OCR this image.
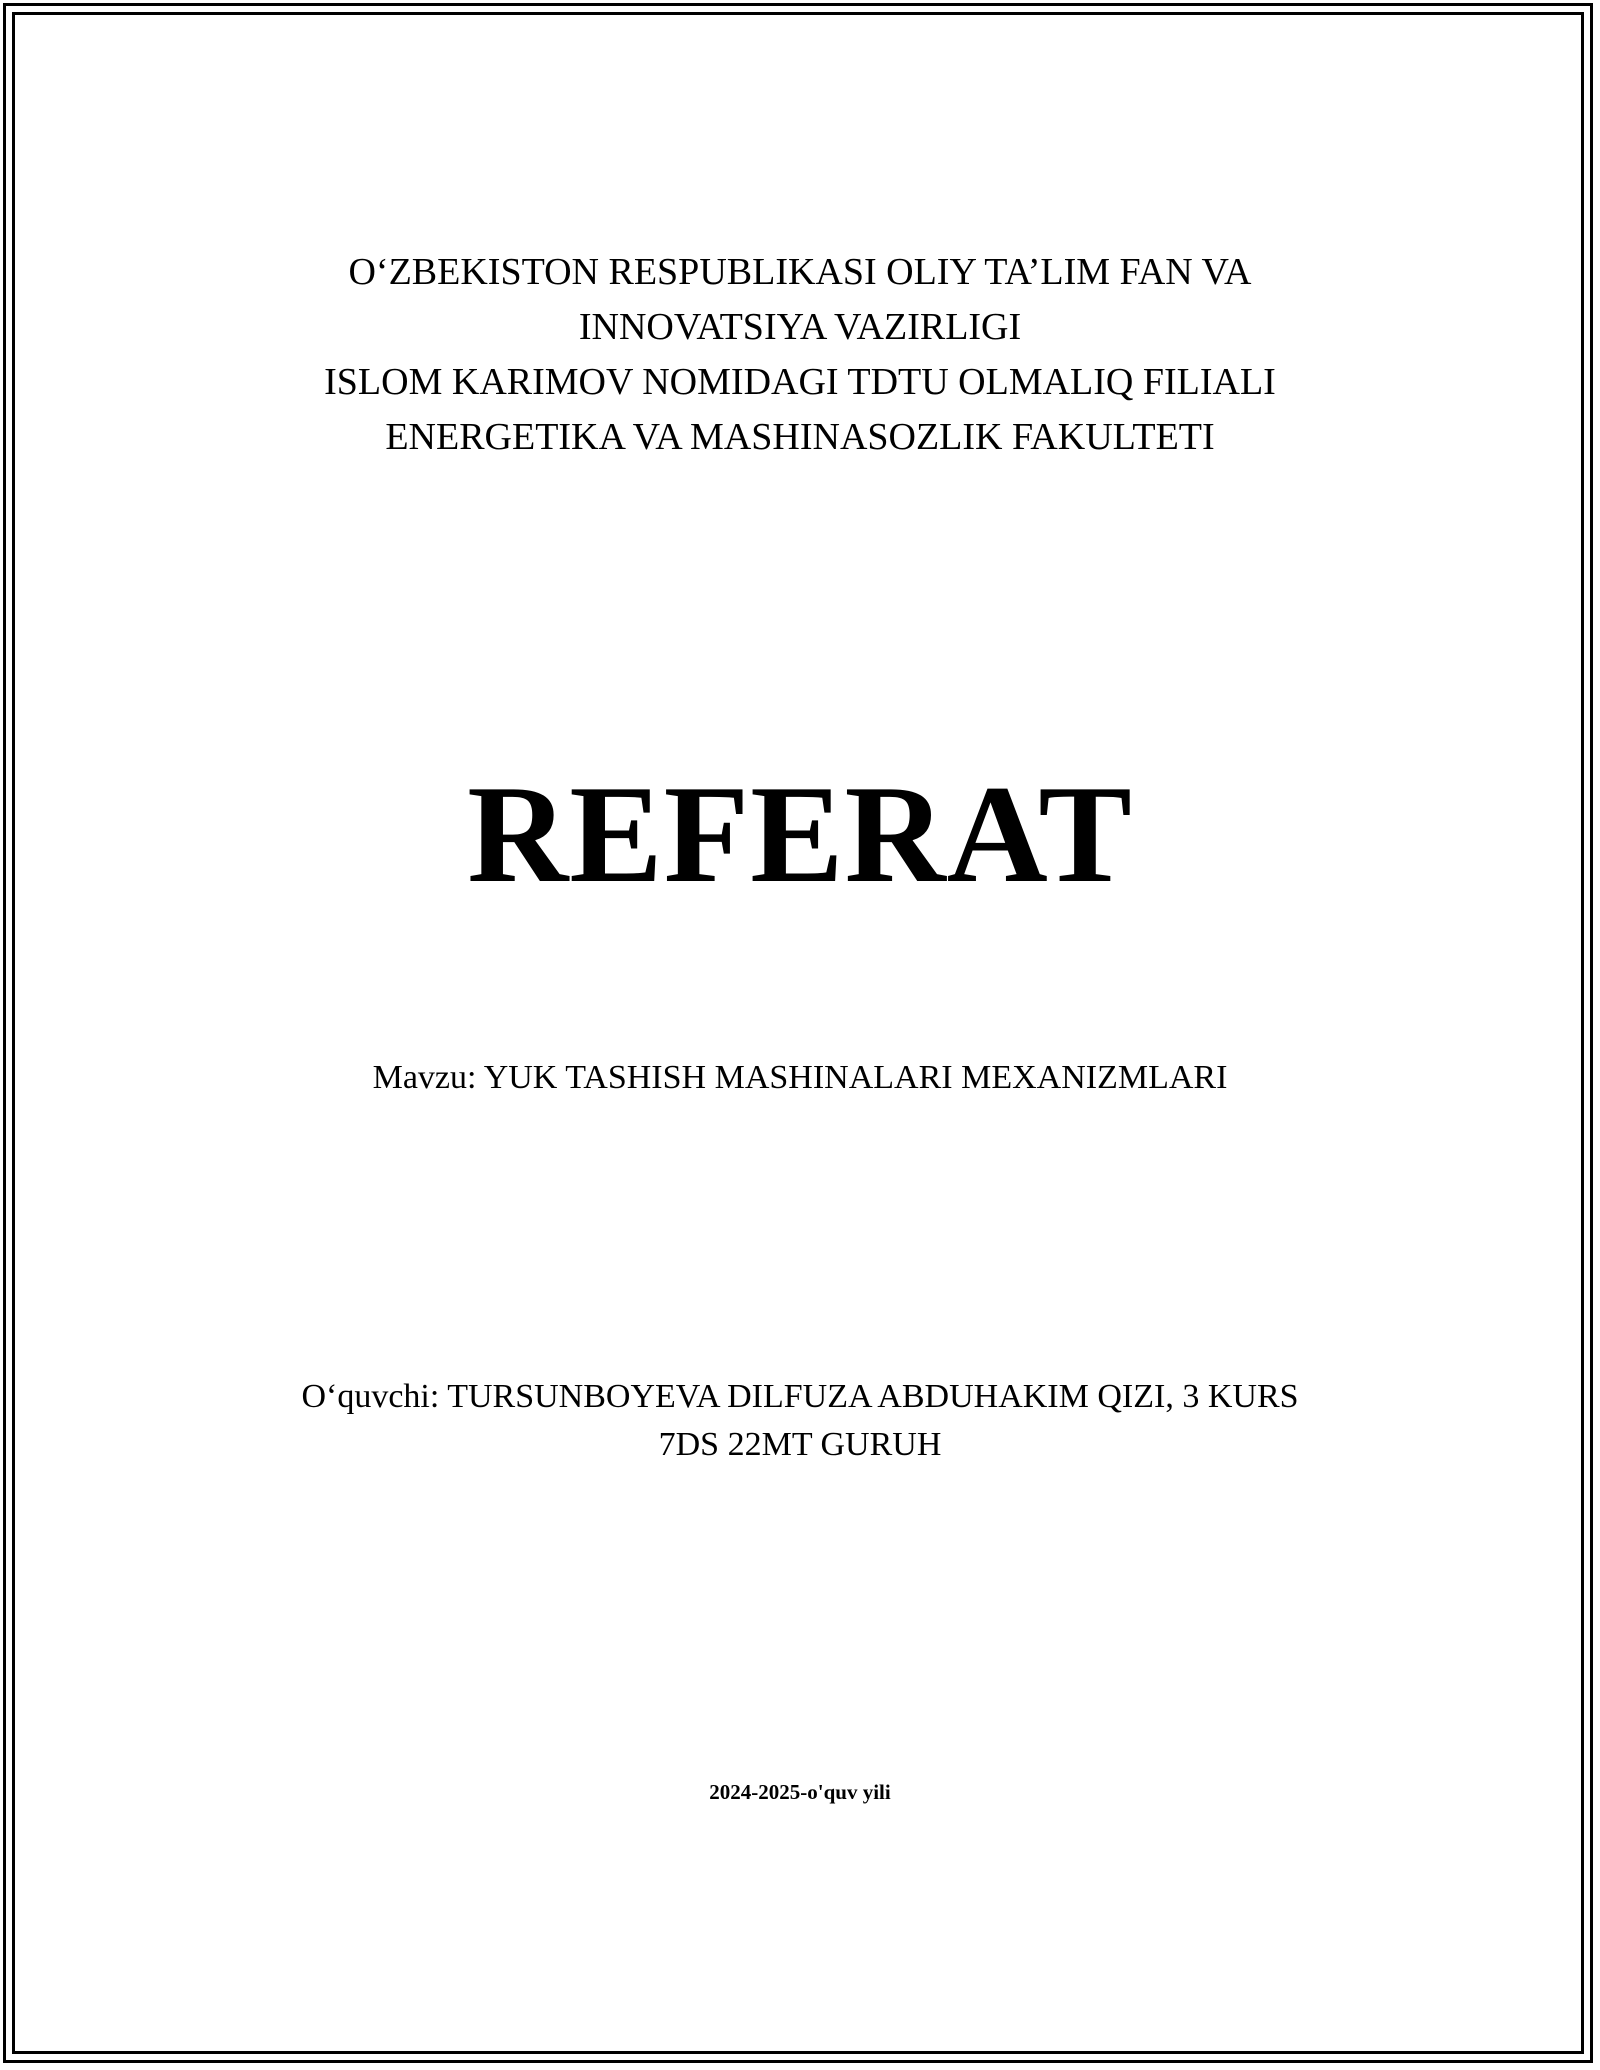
O‘ZBEKISTON RESPUBLIKASI OLIY TA’LIM FAN VA
INNOVATSIYA VAZIRLIGI
ISLOM KARIMOV NOMIDAGI TDTU OLMALIQ FILIALI
ENERGETIKA VA MASHINASOZLIK FAKULTETI
REFERAT
Mavzu: YUK TASHISH MASHINALARI MEXANIZMLARI
O‘quvchi: TURSUNBOYEVA DILFUZA ABDUHAKIM QIZI, 3 KURS
7DS 22MT GURUH
2024-2025-o'quv yili
